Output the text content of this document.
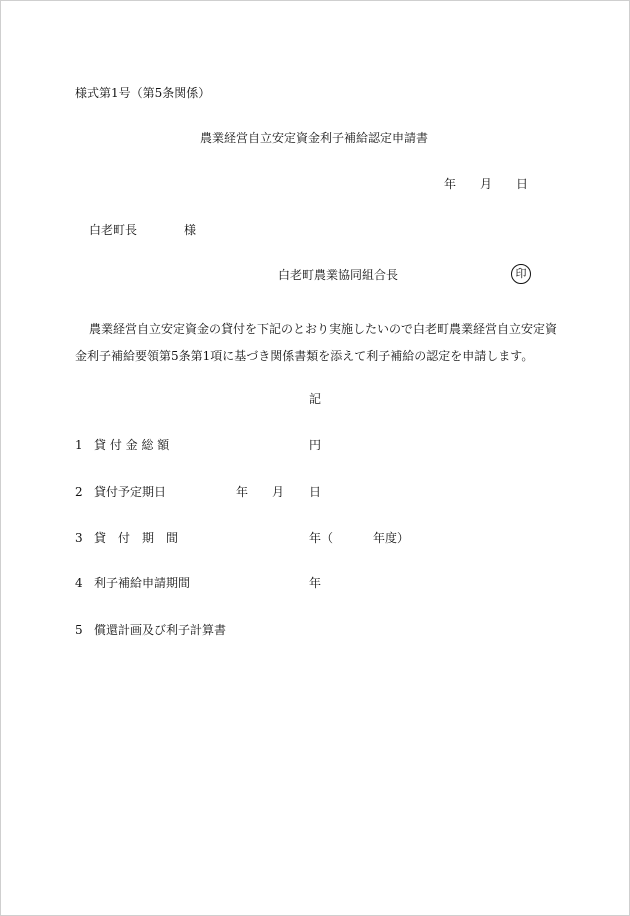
様式第1号（第5条関係）
農業経営自立安定資金利子補給認定申請書
年 月 日
白老町長	様
白老町農業協同組合長	印
農業経営自立安定資金の貸付を下記のとおり実施したいので白老町農業経営自立安定資
金利子補給要領第5条第1項に基づき関係書類を添えて利子補給の認定を申請します。
記
1 貸 付 金 総 額	円
2 貸付予定期日	年 月 日
3 貸　付　期　間	年（	年度）
4 利子補給申請期間	年
5 償還計画及び利子計算書
